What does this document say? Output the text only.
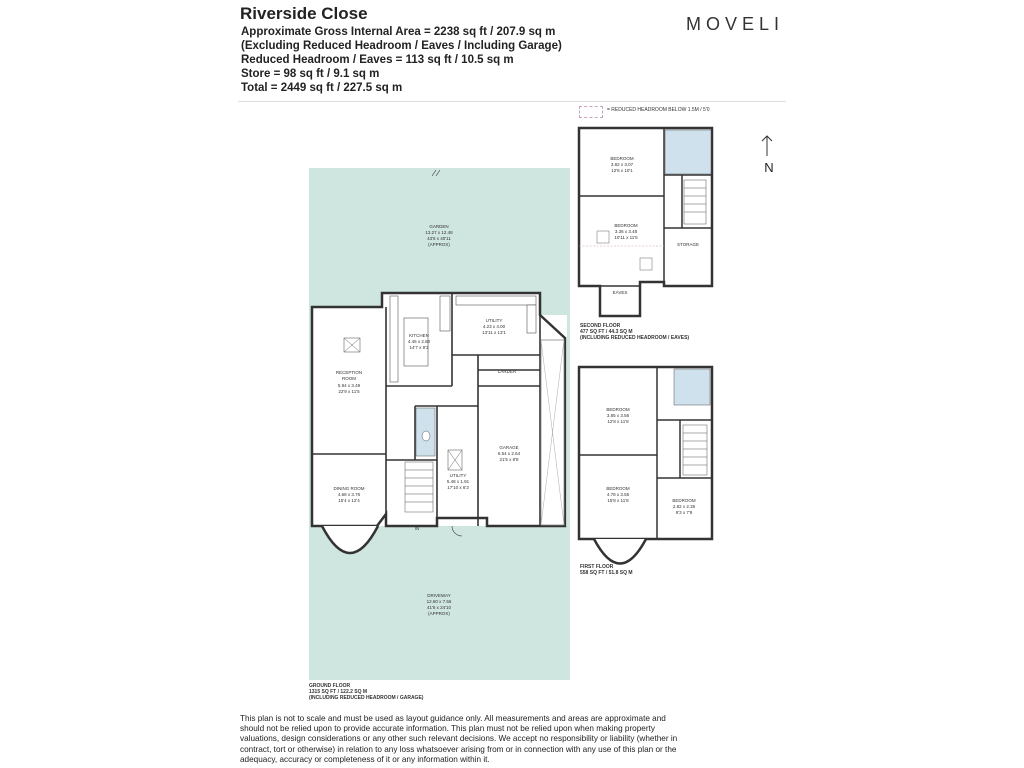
Riverside Close
Approximate Gross Internal Area = 2238 sq ft / 207.9 sq m
(Excluding Reduced Headroom / Eaves / Including Garage)
Reduced Headroom / Eaves = 113 sq ft / 10.5 sq m
Store = 98 sq ft / 9.1 sq m
Total = 2449 sq ft / 227.5 sq m
MOVELI
= REDUCED HEADROOM BELOW 1.5M / 5'0
GARDEN
13.27 x 12.48
43'6 x 40'11
(APPROX)
KITCHEN
4.45 x 2.80
14'7 x 9'3
UTILITY
4.23 x 4.00
13'11 x 13'1
LARDER
RECEPTION
ROOM
5.94 x 3.49
22'9 x 11'5
DINING ROOM
4.68 x 3.76
15'4 x 12'4
UTILITY
5.48 x 1.91
17'10 x 6'3
GARAGE
6.54 x 2.64
21'5 x 8'8
DRIVEWAY
12.60 x 7.56
41'6 x 24'10
(APPROX)
IN
BEDROOM
3.82 x 3.07
12'6 x 10'1
BEDROOM
3.36 x 3.48
10'11 x 11'5
STORAGE
EAVES
BEDROOM
3.85 x 3.56
12'8 x 11'8
BEDROOM
4.78 x 3.55
15'8 x 11'8	BEDROOM
2.82 x 2.35
9'3 x 7'9
N
SECOND FLOOR
477 SQ FT / 44.3 SQ M
(INCLUDING REDUCED HEADROOM / EAVES)
FIRST FLOOR
558 SQ FT / 51.8 SQ M
GROUND FLOOR
1315 SQ FT / 122.2 SQ M
(INCLUDING REDUCED HEADROOM / GARAGE)
This plan is not to scale and must be used as layout guidance only. All measurements and areas are approximate and should not be relied upon to provide accurate information. This plan must not be relied upon when making property valuations, design considerations or any other such relevant decisions. We accept no responsibility or liability (whether in contract, tort or otherwise) in relation to any loss whatsoever arising from or in connection with any use of this plan or the adequacy, accuracy or completeness of it or any information within it.
